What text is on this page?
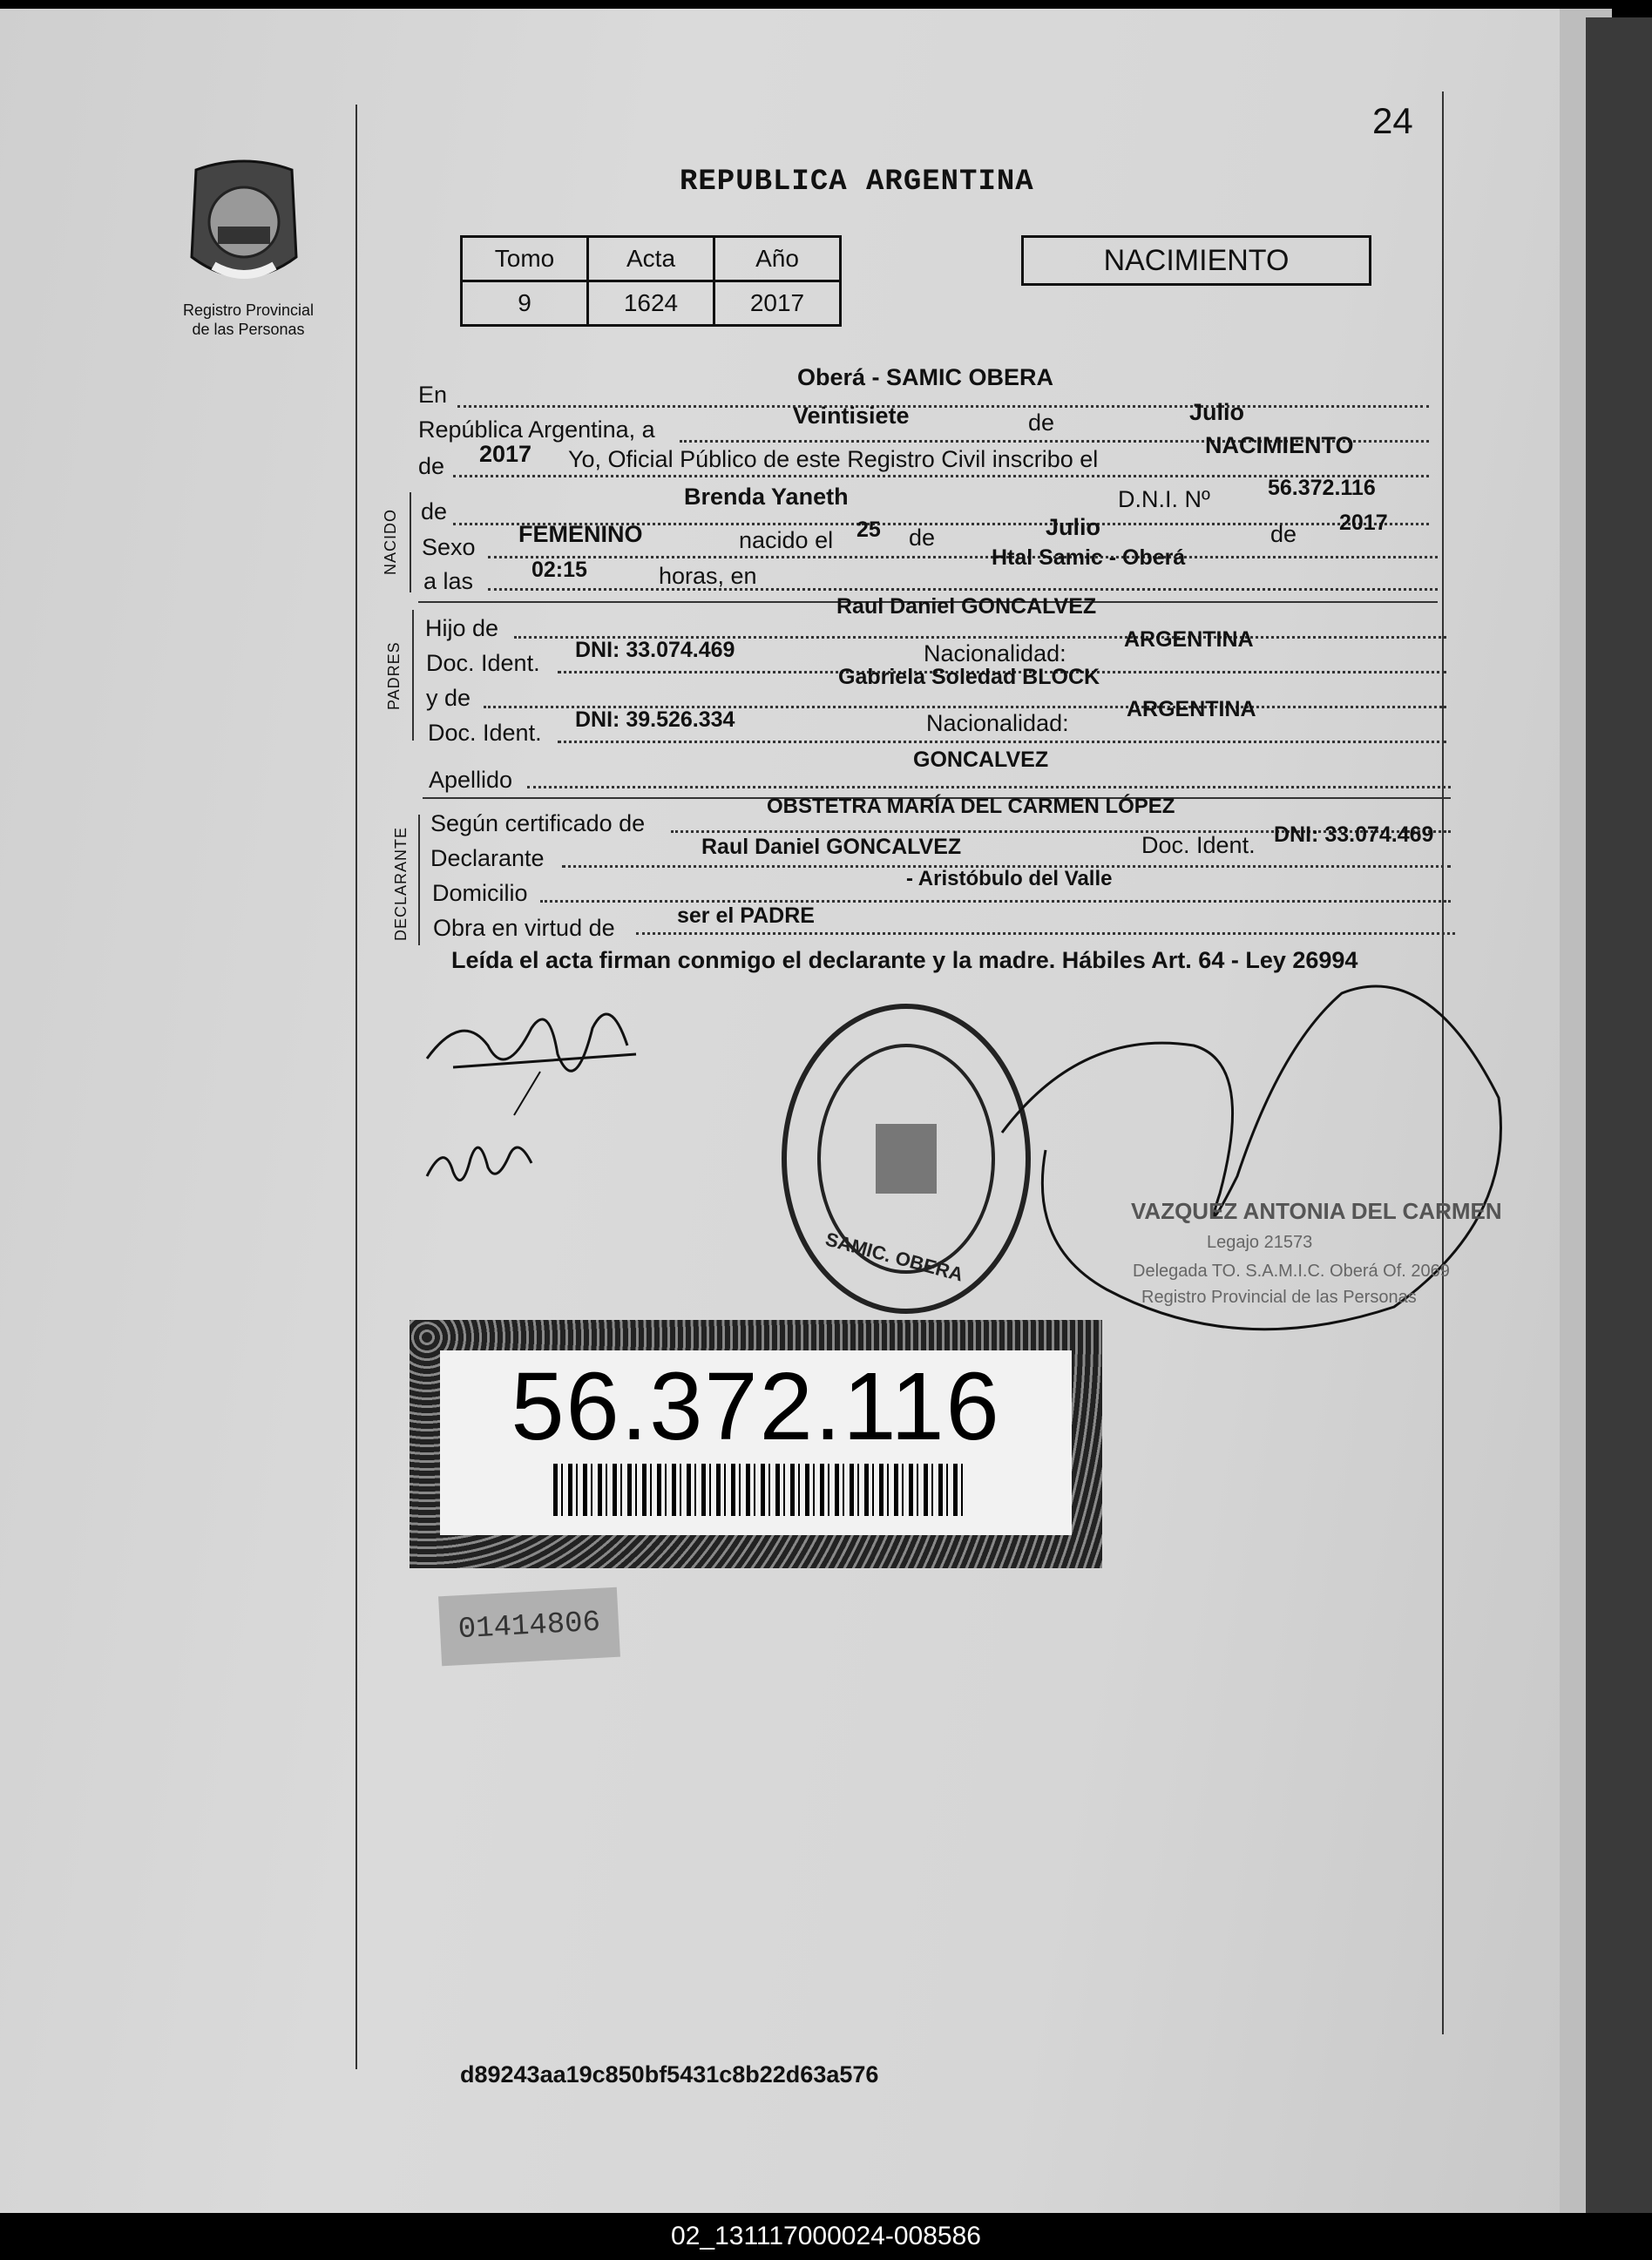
24
Registro Provincial
de las Personas
REPUBLICA ARGENTINA
Tomo	Acta	Año
9	1624	2017
NACIMIENTO
En
Oberá - SAMIC OBERA
República Argentina, a
Veintisiete	de	Julio
de 2017 Yo, Oficial Público de este Registro Civil inscribo el
NACIMIENTO
NACIDO de
Brenda Yaneth	D.N.I. Nº	56.372.116
Sexo FEMENINO	nacido el 25 de	Julio	de 2017
a las	02:15	horas, en
Htal Samic - Oberá
PADRES
Hijo de
Raul Daniel GONCALVEZ
Doc. Ident. DNI: 33.074.469	Nacionalidad:
ARGENTINA
y de
Gabriela Soledad BLOCK
Doc. Ident. DNI: 39.526.334	Nacionalidad:
ARGENTINA
Apellido
GONCALVEZ
DECLARANTE
Según certificado de
OBSTETRA MARÍA DEL CARMEN LÓPEZ
Declarante	Raul Daniel GONCALVEZ	Doc. Ident. DNI: 33.074.469
Domicilio
- Aristóbulo del Valle
Obra en virtud de	ser el PADRE
Leída el acta firman conmigo el declarante y la madre. Hábiles Art. 64 - Ley 26994
SAMIC. OBERA
VAZQUEZ ANTONIA DEL CARMEN
Legajo 21573
Delegada TO. S.A.M.I.C. Oberá Of. 2069
Registro Provincial de las Personas
56.372.116
01414806
d89243aa19c850bf5431c8b22d63a576
02_131117000024-008586
